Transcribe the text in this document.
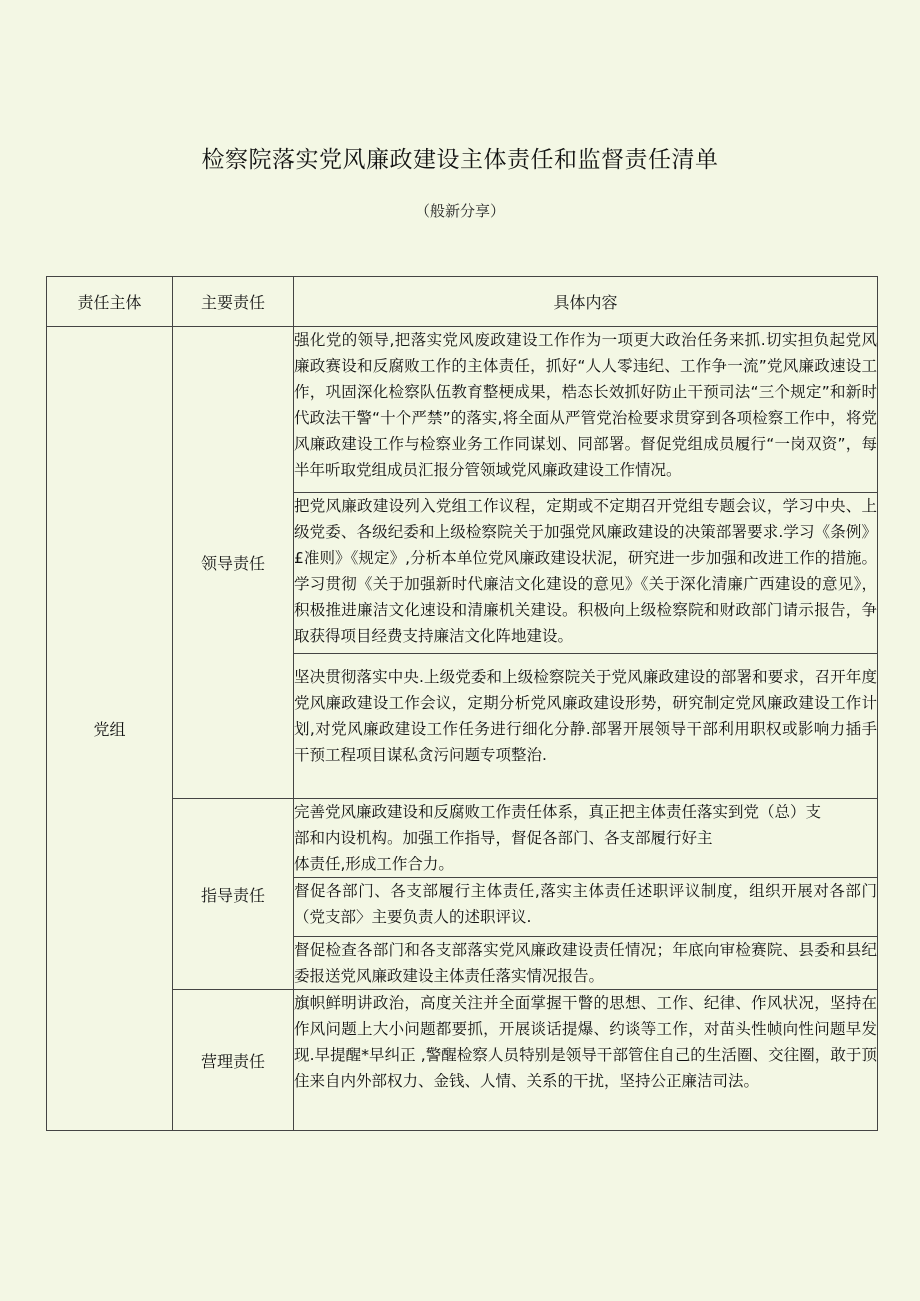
检察院落实党风廉政建设主体责任和监督责任清单
（般新分享）
责任主体	主要责任	具体内容
党组	领导责任	强化党的领导,把落实党风废政建设工作作为一项更大政治任务来抓.切实担负起党风廉政赛设和反腐败工作的主体责任，抓好“人人零违纪、工作争一流”党风廉政速设工作，巩固深化检察队伍教育整梗成果，梏态长效抓好防止干预司法“三个规定”和新时代政法干警“十个严禁”的落实,将全面从严管党治检要求贯穿到各项检察工作中，将党风廉政建设工作与检察业务工作同谋划、同部署。督促党组成员履行“一岗双资”，每半年听取党组成员汇报分管领域党风廉政建设工作情况。

		把党风廉政建设列入党组工作议程，定期或不定期召开党组专题会议，学习中央、上级党委、各级纪委和上级检察院关于加强党风廉政建设的决策部署要求.学习《条例》£准则》《规定》,分析本单位党风廉政建设状泥，研究进一步加强和改进工作的措施。学习贯彻《关于加强新时代廉洁文化建设的意见》《关于深化清廉广西建设的意见》，积极推进廉洁文化速设和清廉机关建设。积极向上级检察院和财政部门请示报告，争取获得项目经费支持廉洁文化阵地建设。

		坚决贯彻落实中央.上级党委和上级检察院关于党风廉政建设的部署和要求，召开年度党风廉政建设工作会议，定期分析党风廉政建设形势，研究制定党风廉政建设工作计划,对党风廉政建设工作任务进行细化分静.部署开展领导干部利用职权或影响力插手干预工程项目谋私贪污问题专项整治.

	指导责任	完善党风廉政建设和反腐败工作责任体系，真正把主体责任落实到党（总）支
部和内设机构。加强工作指导，督促各部门、各支部履行好主
体责任,形成工作合力。

		督促各部门、各支部履行主体责任,落实主体责任述职评议制度，组织开展对各部门（党支部〉主要负责人的述职评议.

		督促检查各部门和各支部落实党风廉政建设责任情况；年底向审检赛院、县委和县纪委报送党风廉政建设主体责任落实情况报告。

	营理责任	旗帜鲜明讲政治，高度关注并全面掌握干瞥的思想、工作、纪律、作风状况，坚持在作风问题上大小问题都要抓，开展谈话提爆、约谈等工作，对苗头性帧向性问题早发现.早提醒*早纠正 ,警醒检察人员特别是领导干部管住自己的生活圈、交往圈，敢于顶住来自内外部权力、金钱、人情、关系的干扰，坚持公正廉洁司法。
